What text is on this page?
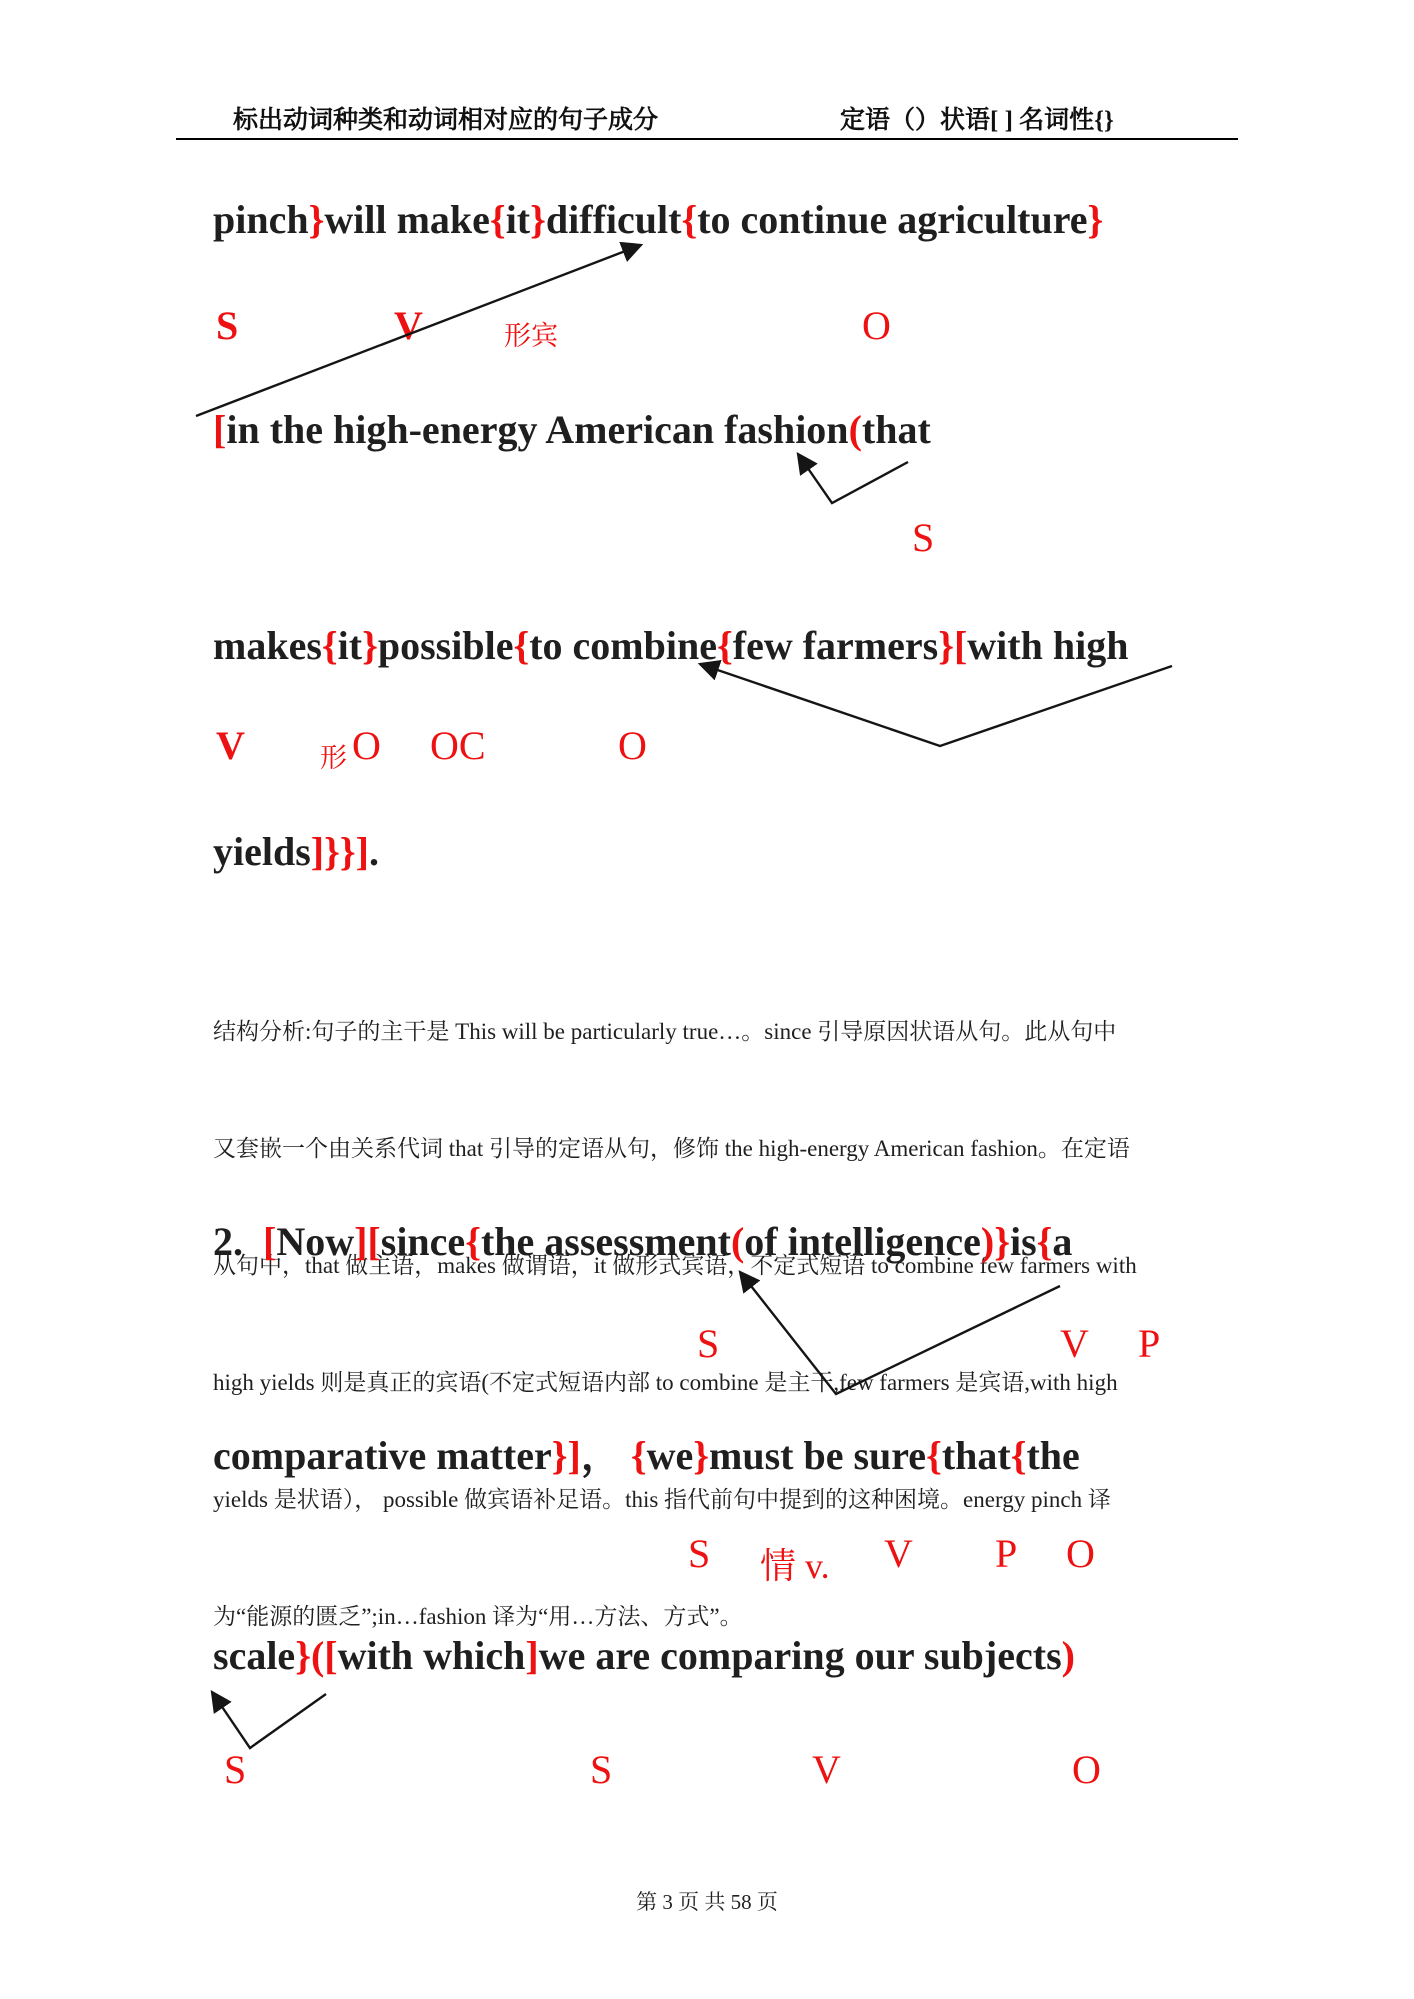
标出动词种类和动词相对应的句子成分	定语（）状语[ ] 名词性{}
pinch}will make{it}difficult{to continue agriculture}
S	V	形宾	O
[in the high-energy American fashion(that
S
makes{it}possible{to combine{few farmers}[with high
V	形 O OC	O
yields]}}].

结构分析:句子的主干是 This will be particularly true…。since 引导原因状语从句。此从句中

又套嵌一个由关系代词 that 引导的定语从句，修饰 the high-energy American fashion。在定语

从句中，that 做主语，makes 做谓语，it 做形式宾语，不定式短语 to combine few farmers with

high yields 则是真正的宾语(不定式短语内部 to combine 是主干,few farmers 是宾语,with high

yields 是状语）， possible 做宾语补足语。this 指代前句中提到的这种困境。energy pinch 译

为“能源的匮乏”;in…fashion 译为“用…方法、方式”。

2.  [Now][since{the assessment(of intelligence)}is{a
S	V P
comparative matter}]， {we}must be sure{that{the
S 情 v. V P O
scale}([with which]we are comparing our subjects)
S	S	V	O
第 3 页 共 58 页
